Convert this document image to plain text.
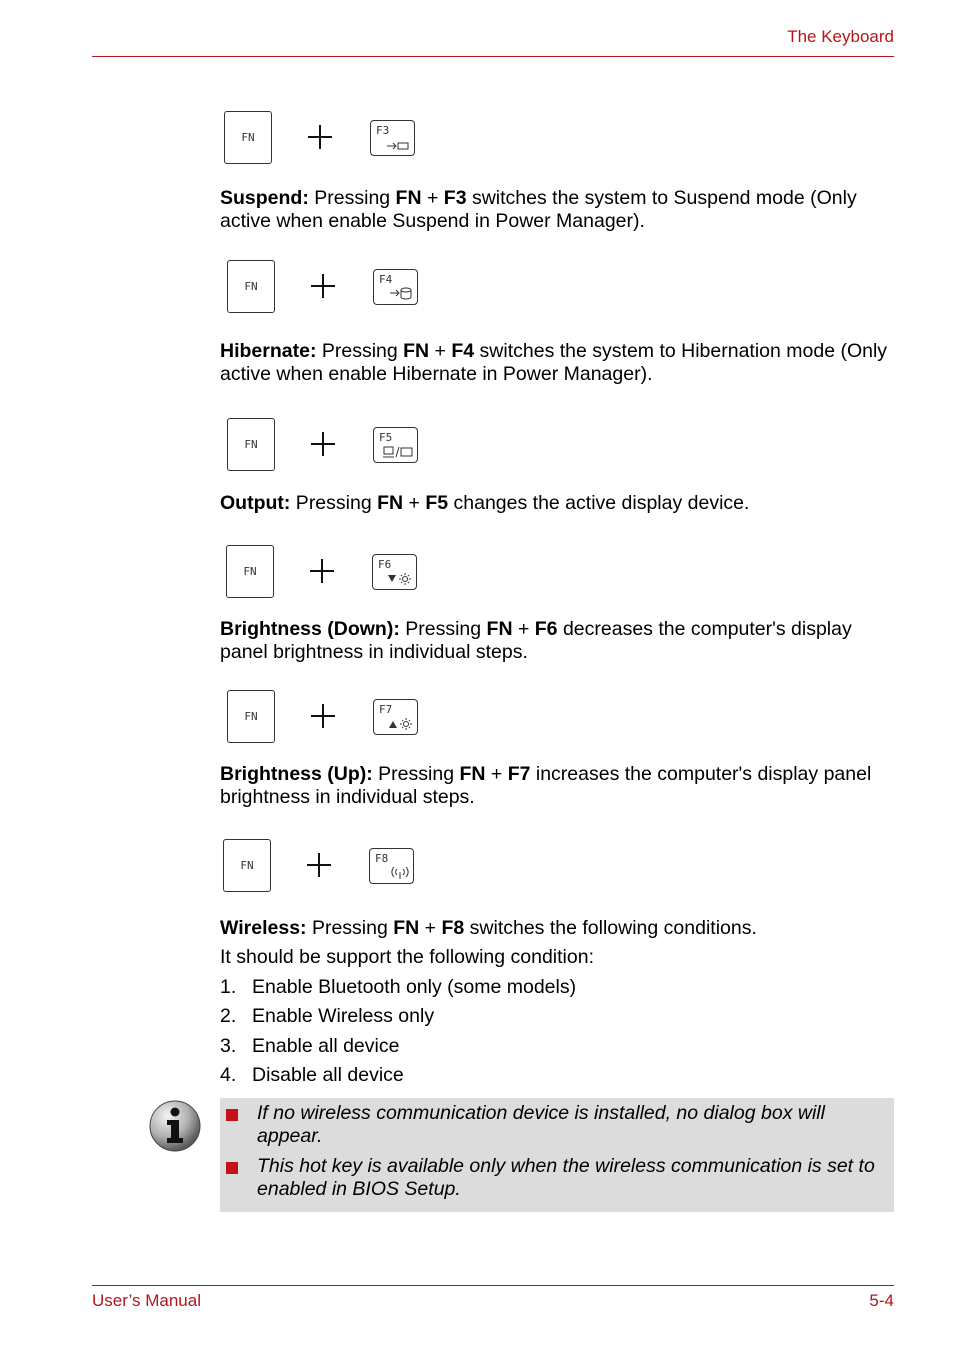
The Keyboard
FN
F3

Suspend: Pressing FN + F3 switches the system to Suspend mode (Only active when enable Suspend in Power Manager).

FN
F4

Hibernate: Pressing FN + F4 switches the system to Hibernation mode (Only active when enable Hibernate in Power Manager).

FN
F5

Output: Pressing FN + F5 changes the active display device.

FN
F6

Brightness (Down): Pressing FN + F6 decreases the computer's display panel brightness in individual steps.

FN
F7

Brightness (Up): Pressing FN + F7 increases the computer's display panel brightness in individual steps.

FN
F8

Wireless: Pressing FN + F8 switches the following conditions.

It should be support the following condition:
1. Enable Bluetooth only (some models)
2. Enable Wireless only
3. Enable all device
4. Disable all device
If no wireless communication device is installed, no dialog box will appear.
This hot key is available only when the wireless communication is set to enabled in BIOS Setup.
User’s Manual	5-4
